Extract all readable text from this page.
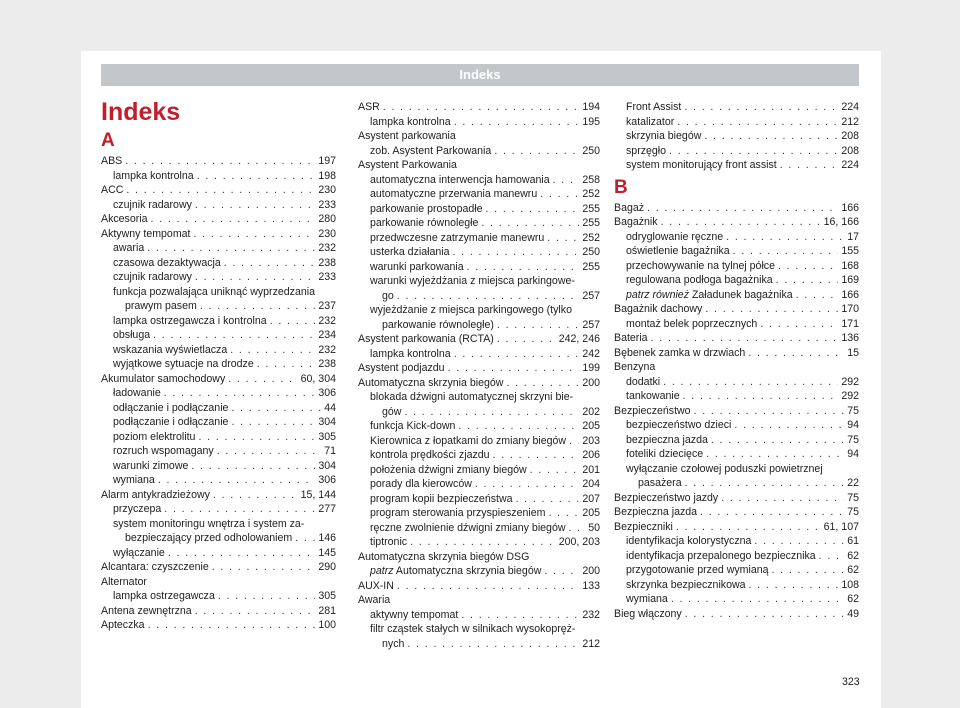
Indeks
Indeks
A
ABS . . .	197
lampka kontrolna . . .	198
ACC . . .	230
czujnik radarowy . . .	233
Akcesoria . . .	280
Aktywny tempomat . . .	230
awaria . . .	232
czasowa dezaktywacja . . .	238
czujnik radarowy . . .	233
funkcja pozwalająca uniknąć wyprzedzania
prawym pasem . . .	237
lampka ostrzegawcza i kontrolna . . .	232
obsługa . . .	234
wskazania wyświetlacza . . .	232
wyjątkowe sytuacje na drodze . . .	238
Akumulator samochodowy . . .	60, 304
ładowanie . . .	306
odłączanie i podłączanie . . .	44
podłączanie i odłączanie . . .	304
poziom elektrolitu . . .	305
rozruch wspomagany . . .	71
warunki zimowe . . .	304
wymiana . . .	306
Alarm antykradzieżowy . . .	15, 144
przyczepa . . .	277
system monitoringu wnętrza i system za-
bezpieczający przed odholowaniem . . . 146
wyłączanie . . .	145
Alcantara: czyszczenie . . .	290
Alternator
lampka ostrzegawcza . . .	305
Antena zewnętrzna . . .	281
Apteczka . . .	100
ASR . . .	194
lampka kontrolna . . .	195
Asystent parkowania
zob. Asystent Parkowania . . .	250
Asystent Parkowania
automatyczna interwencja hamowania . . .	258
automatyczne przerwania manewru . . .	252
parkowanie prostopadłe . . .	255
parkowanie równoległe . . .	255
przedwczesne zatrzymanie manewru . . .	252
usterka działania . . .	250
warunki parkowania . . .	255
warunki wyjeżdżania z miejsca parkingowe-
go . . .	257
wyjeżdżanie z miejsca parkingowego (tylko
parkowanie równoległe) . . .	257
Asystent parkowania (RCTA) . . .	242, 246
lampka kontrolna . . .	242
Asystent podjazdu . . .	199
Automatyczna skrzynia biegów . . .	200
blokada dźwigni automatycznej skrzyni bie-
gów . . .	202
funkcja Kick-down . . .	205
Kierownica z łopatkami do zmiany biegów . . . 203
kontrola prędkości zjazdu . . .	206
położenia dźwigni zmiany biegów . . .	201
porady dla kierowców . . .	204
program kopii bezpieczeństwa . . .	207
program sterowania przyspieszeniem . . .	205
ręczne zwolnienie dźwigni zmiany biegów . . . 50
tiptronic . . .	200, 203
Automatyczna skrzynia biegów DSG
patrz Automatyczna skrzynia biegów . . .	200
AUX-IN . . .	133
Awaria
aktywny tempomat . . .	232
filtr cząstek stałych w silnikach wysokopręż-
nych . . .	212
Front Assist . . .	224
katalizator . . .	212
skrzynia biegów . . .	208
sprzęgło . . .	208
system monitorujący front assist . . .	224
B
Bagaż . . .	166
Bagażnik . . .	16, 166
odryglowanie ręczne . . .	17
oświetlenie bagażnika . . .	155
przechowywanie na tylnej półce . . .	168
regulowana podłoga bagażnika . . .	169
patrz również Załadunek bagażnika . . .	166
Bagażnik dachowy . . .	170
montaż belek poprzecznych . . .	171
Bateria . . .	136
Bębenek zamka w drzwiach . . .	15
Benzyna
dodatki . . .	292
tankowanie . . .	292
Bezpieczeństwo . . .	75
bezpieczeństwo dzieci . . .	94
bezpieczna jazda . . .	75
foteliki dziecięce . . .	94
wyłączanie czołowej poduszki powietrznej
pasażera . . .	22
Bezpieczeństwo jazdy . . .	75
Bezpieczna jazda . . .	75
Bezpieczniki . . .	61, 107
identyfikacja kolorystyczna . . .	61
identyfikacja przepalonego bezpiecznika . . .	62
przygotowanie przed wymianą . . .	62
skrzynka bezpiecznikowa . . .	108
wymiana . . .	62
Bieg włączony . . .	49
323
